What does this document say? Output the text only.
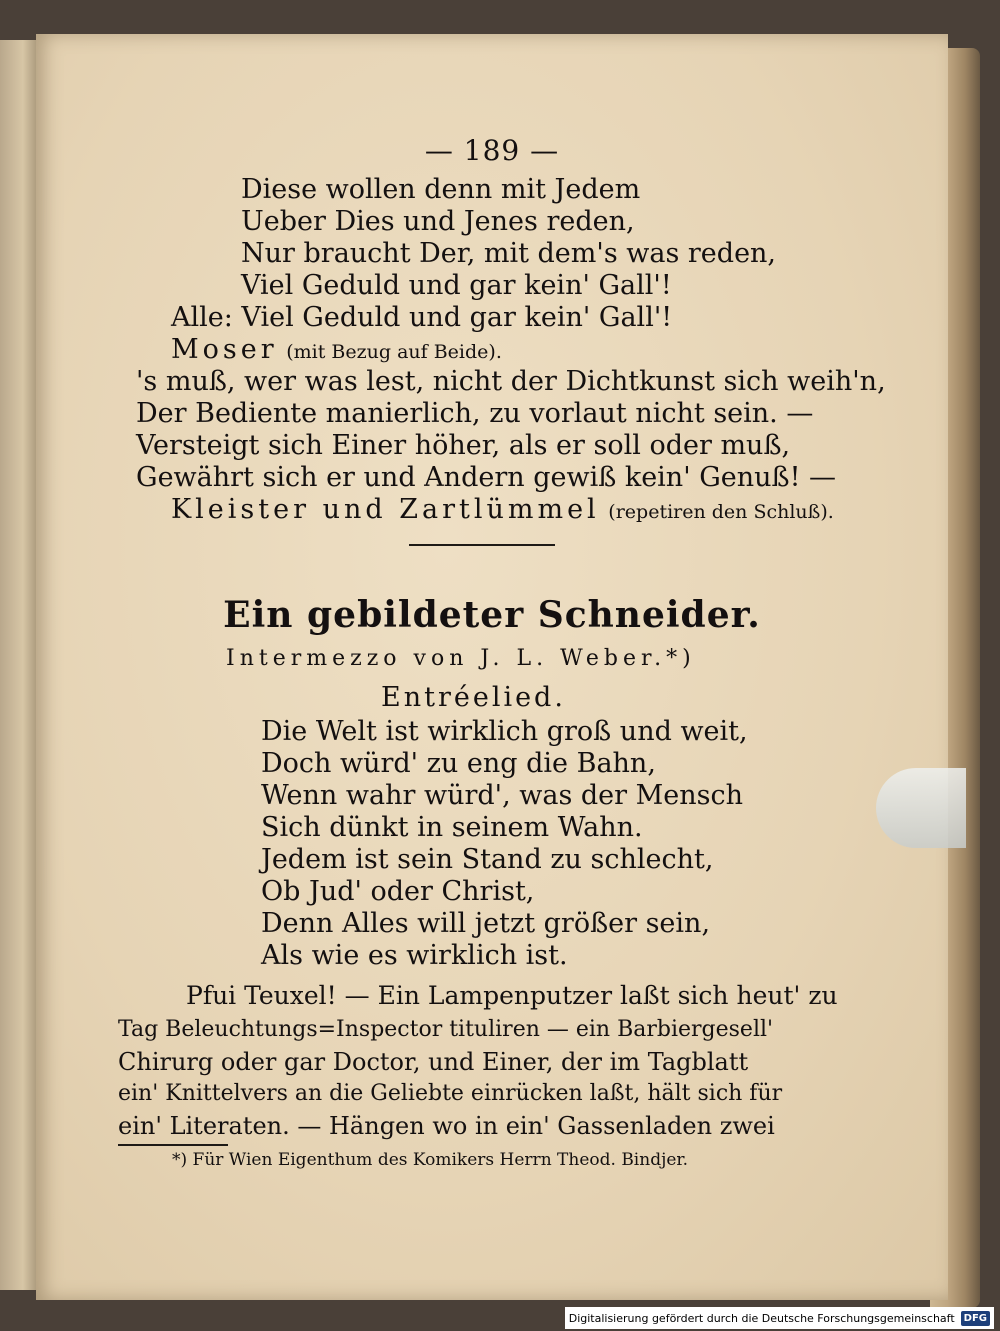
— 189 —
Diese wollen denn mit Jedem
Ueber Dies und Jenes reden,
Nur braucht Der, mit dem's was reden,
Viel Geduld und gar kein' Gall'!
Alle: Viel Geduld und gar kein' Gall'!
Moser (mit Bezug auf Beide).
's muß, wer was lest, nicht der Dichtkunst sich weih'n,
Der Bediente manierlich, zu vorlaut nicht sein. —
Versteigt sich Einer höher, als er soll oder muß,
Gewährt sich er und Andern gewiß kein' Genuß! —
Kleister und Zartlümmel (repetiren den Schluß).
Ein gebildeter Schneider.
Intermezzo von J. L. Weber.*)
Entréelied.
Die Welt ist wirklich groß und weit,
Doch würd' zu eng die Bahn,
Wenn wahr würd', was der Mensch
Sich dünkt in seinem Wahn.
Jedem ist sein Stand zu schlecht,
Ob Jud' oder Christ,
Denn Alles will jetzt größer sein,
Als wie es wirklich ist.
Pfui Teuxel! — Ein Lampenputzer laßt sich heut' zu
Tag Beleuchtungs=Inspector tituliren — ein Barbiergesell'
Chirurg oder gar Doctor, und Einer, der im Tagblatt
ein' Knittelvers an die Geliebte einrücken laßt, hält sich für
ein' Literaten. — Hängen wo in ein' Gassenladen zwei
*) Für Wien Eigenthum des Komikers Herrn Theod. Bindjer.
Digitalisierung gefördert durch die Deutsche Forschungsgemeinschaft DFG
